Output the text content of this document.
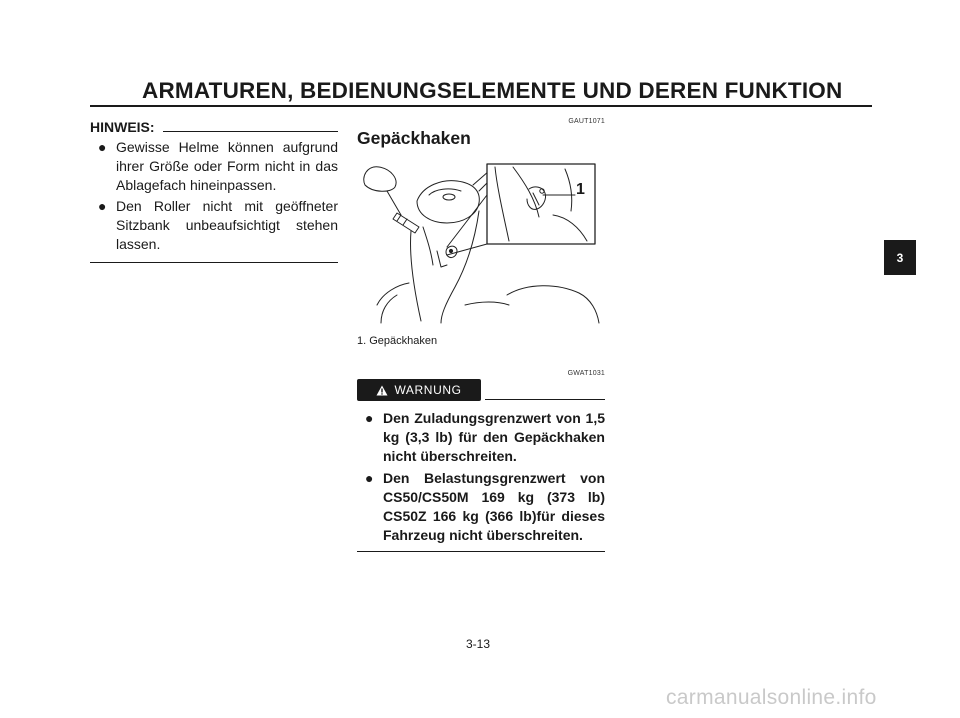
ARMATUREN, BEDIENUNGSELEMENTE UND DEREN FUNKTION
HINWEIS:
● Gewisse Helme können aufgrund ihrer Größe oder Form nicht in das Ablagefach hineinpassen.
● Den Roller nicht mit geöffneter Sitzbank unbeaufsichtigt stehen lassen.
GAUT1071
Gepäckhaken
1
1. Gepäckhaken
GWAT1031
WARNUNG
● Den Zuladungsgrenzwert von 1,5 kg (3,3 lb) für den Gepäckhaken nicht überschreiten.
● Den Belastungsgrenzwert von CS50/CS50M 169 kg (373 lb) CS50Z 166 kg (366 lb)für dieses Fahrzeug nicht überschreiten.
3-13
3
carmanualsonline.info
